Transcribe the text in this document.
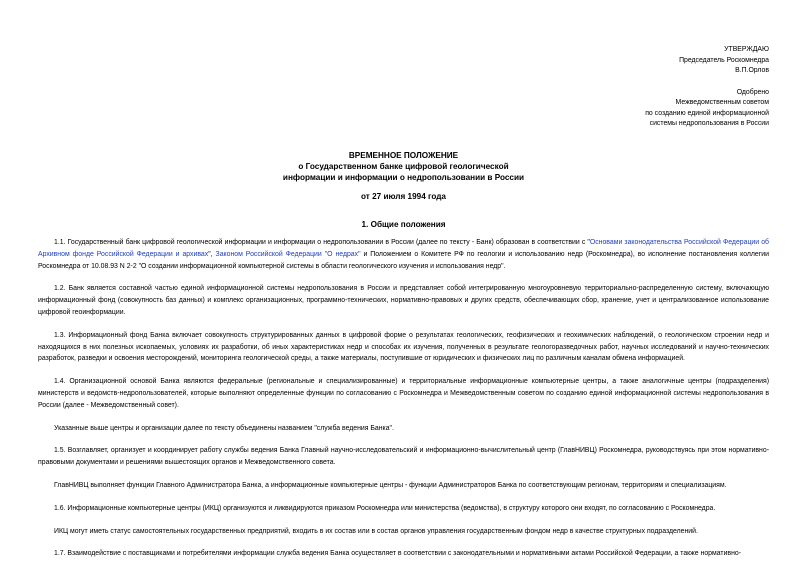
УТВЕРЖДАЮ
Председатель Роскомнедра
В.П.Орлов
Одобрено
Межведомственным советом
по созданию единой информационной
системы недропользования в России
ВРЕМЕННОЕ ПОЛОЖЕНИЕ
о Государственном банке цифровой геологической
информации и информации о недропользовании в России
от 27 июля 1994 года
1. Общие положения

1.1. Государственный банк цифровой геологической информации и информации о недропользовании в России (далее по тексту - Банк) образован в соответствии с "Основами законодательства Российской Федерации об Архивном фонде Российской Федерации и архивах", Законом Российской Федерации "О недрах" и Положением о Комитете РФ по геологии и использованию недр (Роскомнедра), во исполнение постановления коллегии Роскомнедра от 10.08.93 N 2-2 "О создании информационной компьютерной системы в области геологического изучения и использования недр".

1.2. Банк является составной частью единой информационной системы недропользования в России и представляет собой интегрированную многоуровневую территориально-распределенную систему, включающую информационный фонд (совокупность баз данных) и комплекс организационных, программно-технических, нормативно-правовых и других средств, обеспечивающих сбор, хранение, учет и централизованное использование цифровой геоинформации.

1.3. Информационный фонд Банка включает совокупность структурированных данных в цифровой форме о результатах геологических, геофизических и геохимических наблюдений, о геологическом строении недр и находящихся в них полезных ископаемых, условиях их разработки, об иных характеристиках недр и способах их изучения, полученных в результате геологоразведочных работ, научных исследований и научно-технических разработок, разведки и освоения месторождений, мониторинга геологической среды, а также материалы, поступившие от юридических и физических лиц по различным каналам обмена информацией.

1.4. Организационной основой Банка являются федеральные (региональные и специализированные) и территориальные информационные компьютерные центры, а также аналогичные центры (подразделения) министерств и ведомств-недропользователей, которые выполняют определенные функции по согласованию с Роскомнедра и Межведомственным советом по созданию единой информационной системы недропользования в России (далее - Межведомственный совет).

Указанные выше центры и организации далее по тексту объединены названием "служба ведения Банка".

1.5. Возглавляет, организует и координирует работу службы ведения Банка Главный научно-исследовательский и информационно-вычислительный центр (ГлавНИВЦ) Роскомнедра, руководствуясь при этом нормативно-правовыми документами и решениями вышестоящих органов и Межведомственного совета.

ГлавНИВЦ выполняет функции Главного Администратора Банка, а информационные компьютерные центры - функции Администраторов Банка по соответствующим регионам, территориям и специализациям.

1.6. Информационные компьютерные центры (ИКЦ) организуются и ликвидируются приказом Роскомнедра или министерства (ведомства), в структуру которого они входят, по согласованию с Роскомнедра.

ИКЦ могут иметь статус самостоятельных государственных предприятий, входить в их состав или в состав органов управления государственным фондом недр в качестве структурных подразделений.

1.7. Взаимодействие с поставщиками и потребителями информации служба ведения Банка осуществляет в соответствии с законодательными и нормативными актами Российской Федерации, а также нормативно-
